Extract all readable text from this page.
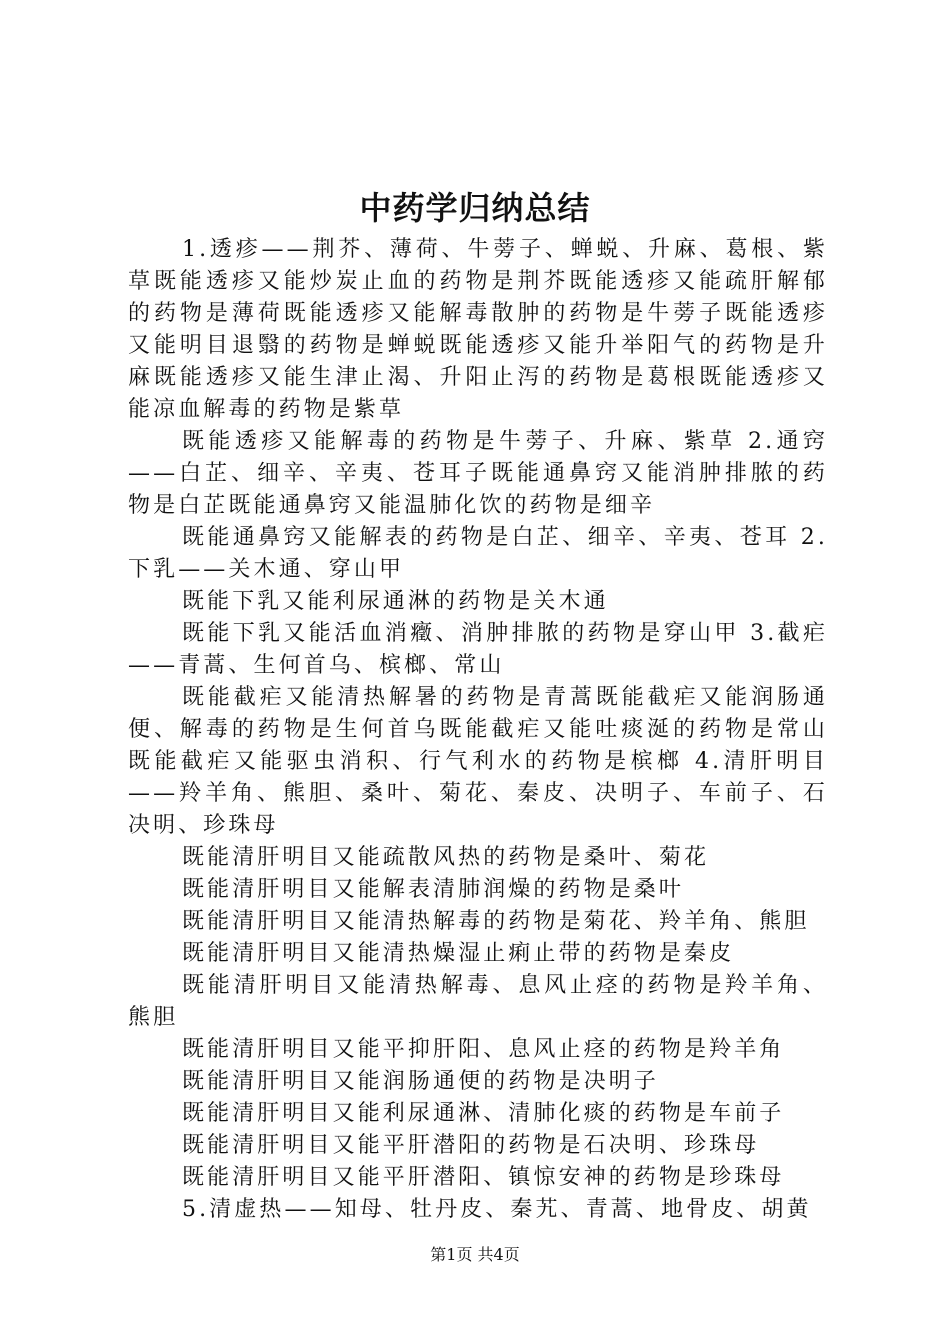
中药学归纳总结

1.透疹——荆芥、薄荷、牛蒡子、蝉蜕、升麻、葛根、紫草既能透疹又能炒炭止血的药物是荆芥既能透疹又能疏肝解郁的药物是薄荷既能透疹又能解毒散肿的药物是牛蒡子既能透疹又能明目退翳的药物是蝉蜕既能透疹又能升举阳气的药物是升麻既能透疹又能生津止渴、升阳止泻的药物是葛根既能透疹又能凉血解毒的药物是紫草

既能透疹又能解毒的药物是牛蒡子、升麻、紫草 2.通窍——白芷、细辛、辛夷、苍耳子既能通鼻窍又能消肿排脓的药物是白芷既能通鼻窍又能温肺化饮的药物是细辛

既能通鼻窍又能解表的药物是白芷、细辛、辛夷、苍耳 2.下乳——关木通、穿山甲

既能下乳又能利尿通淋的药物是关木通

既能下乳又能活血消癥、消肿排脓的药物是穿山甲 3.截疟——青蒿、生何首乌、槟榔、常山

既能截疟又能清热解暑的药物是青蒿既能截疟又能润肠通便、解毒的药物是生何首乌既能截疟又能吐痰涎的药物是常山既能截疟又能驱虫消积、行气利水的药物是槟榔 4.清肝明目——羚羊角、熊胆、桑叶、菊花、秦皮、决明子、车前子、石决明、珍珠母

既能清肝明目又能疏散风热的药物是桑叶、菊花

既能清肝明目又能解表清肺润燥的药物是桑叶

既能清肝明目又能清热解毒的药物是菊花、羚羊角、熊胆

既能清肝明目又能清热燥湿止痢止带的药物是秦皮

既能清肝明目又能清热解毒、息风止痉的药物是羚羊角、熊胆

既能清肝明目又能平抑肝阳、息风止痉的药物是羚羊角

既能清肝明目又能润肠通便的药物是决明子

既能清肝明目又能利尿通淋、清肺化痰的药物是车前子

既能清肝明目又能平肝潜阳的药物是石决明、珍珠母

既能清肝明目又能平肝潜阳、镇惊安神的药物是珍珠母

5.清虚热——知母、牡丹皮、秦艽、青蒿、地骨皮、胡黄

第1页 共4页
